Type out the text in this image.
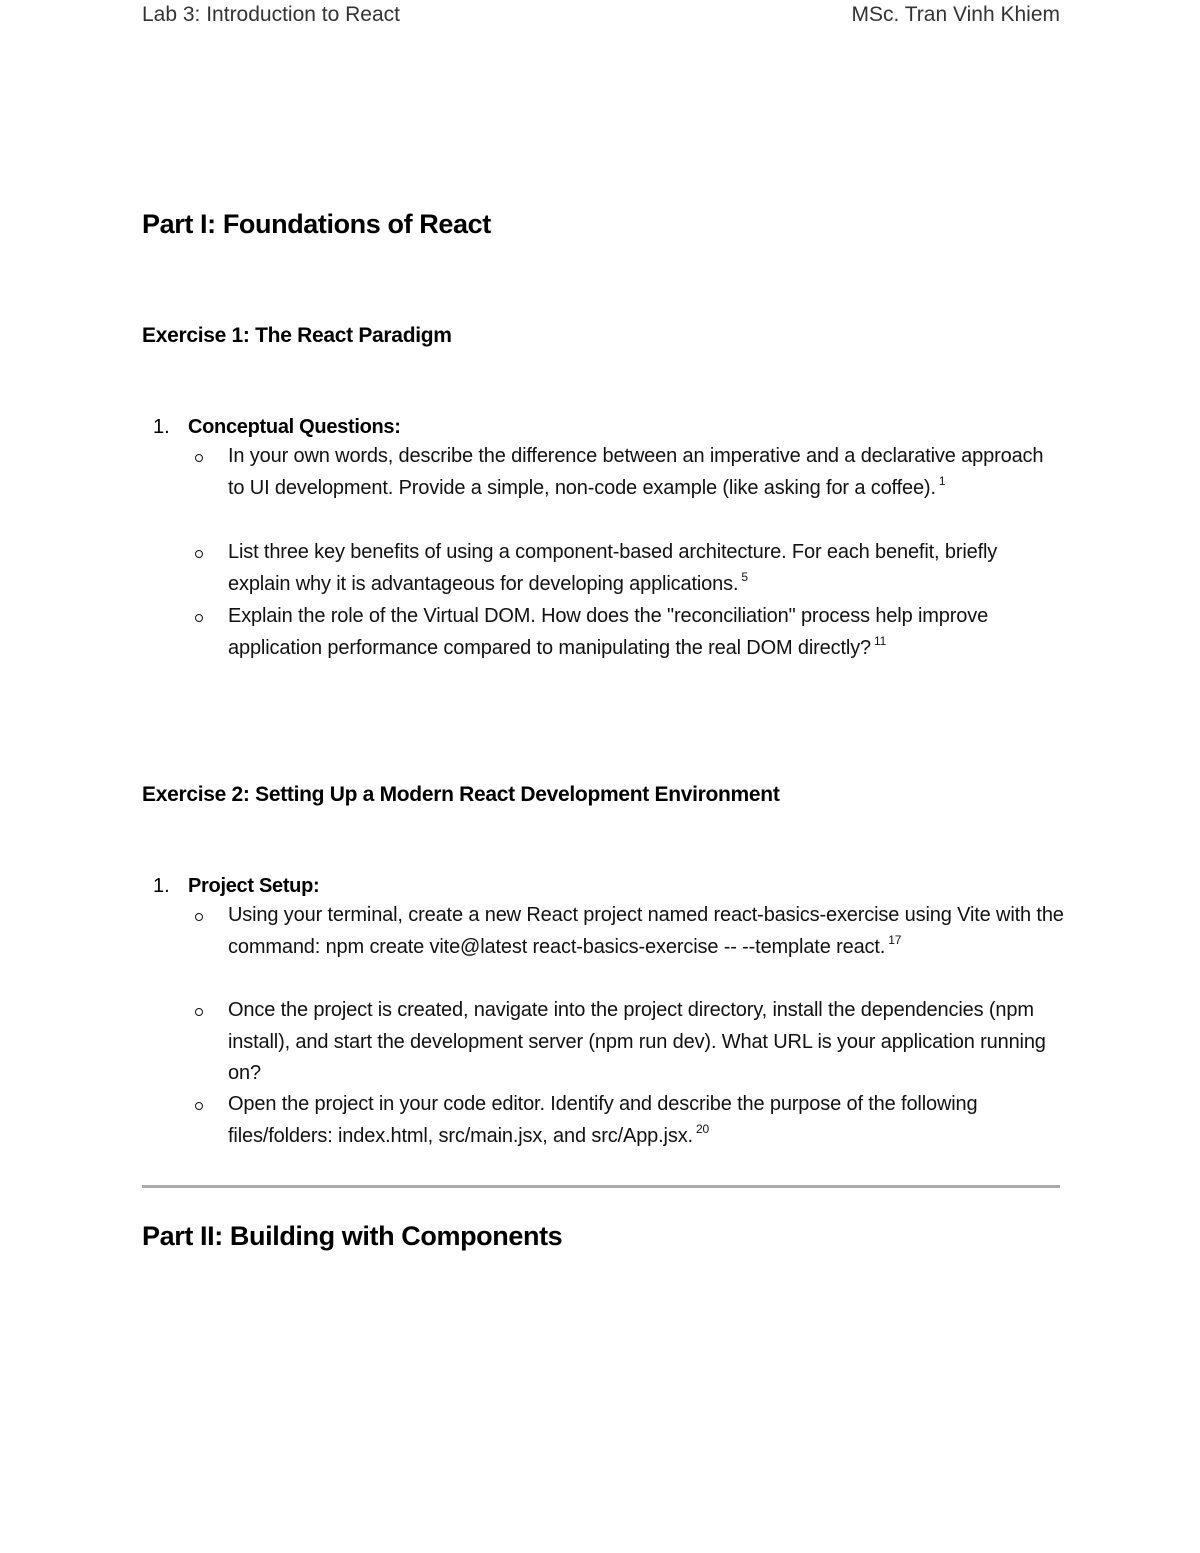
Lab 3: Introduction to React	MSc. Tran Vinh Khiem
Part I: Foundations of React
Exercise 1: The React Paradigm
1. Conceptual Questions:
In your own words, describe the difference between an imperative and a declarative approach to UI development. Provide a simple, non-code example (like asking for a coffee). $^1$
List three key benefits of using a component-based architecture. For each benefit, briefly explain why it is advantageous for developing applications. $^5$
Explain the role of the Virtual DOM. How does the "reconciliation" process help improve application performance compared to manipulating the real DOM directly? $^{11}$
Exercise 2: Setting Up a Modern React Development Environment
1. Project Setup:
Using your terminal, create a new React project named react-basics-exercise using Vite with the command: npm create vite@latest react-basics-exercise -- --template react. $^{17}$
Once the project is created, navigate into the project directory, install the dependencies (npm install), and start the development server (npm run dev). What URL is your application running on?
Open the project in your code editor. Identify and describe the purpose of the following files/folders: index.html, src/main.jsx, and src/App.jsx. $^{20}$
Part II: Building with Components
